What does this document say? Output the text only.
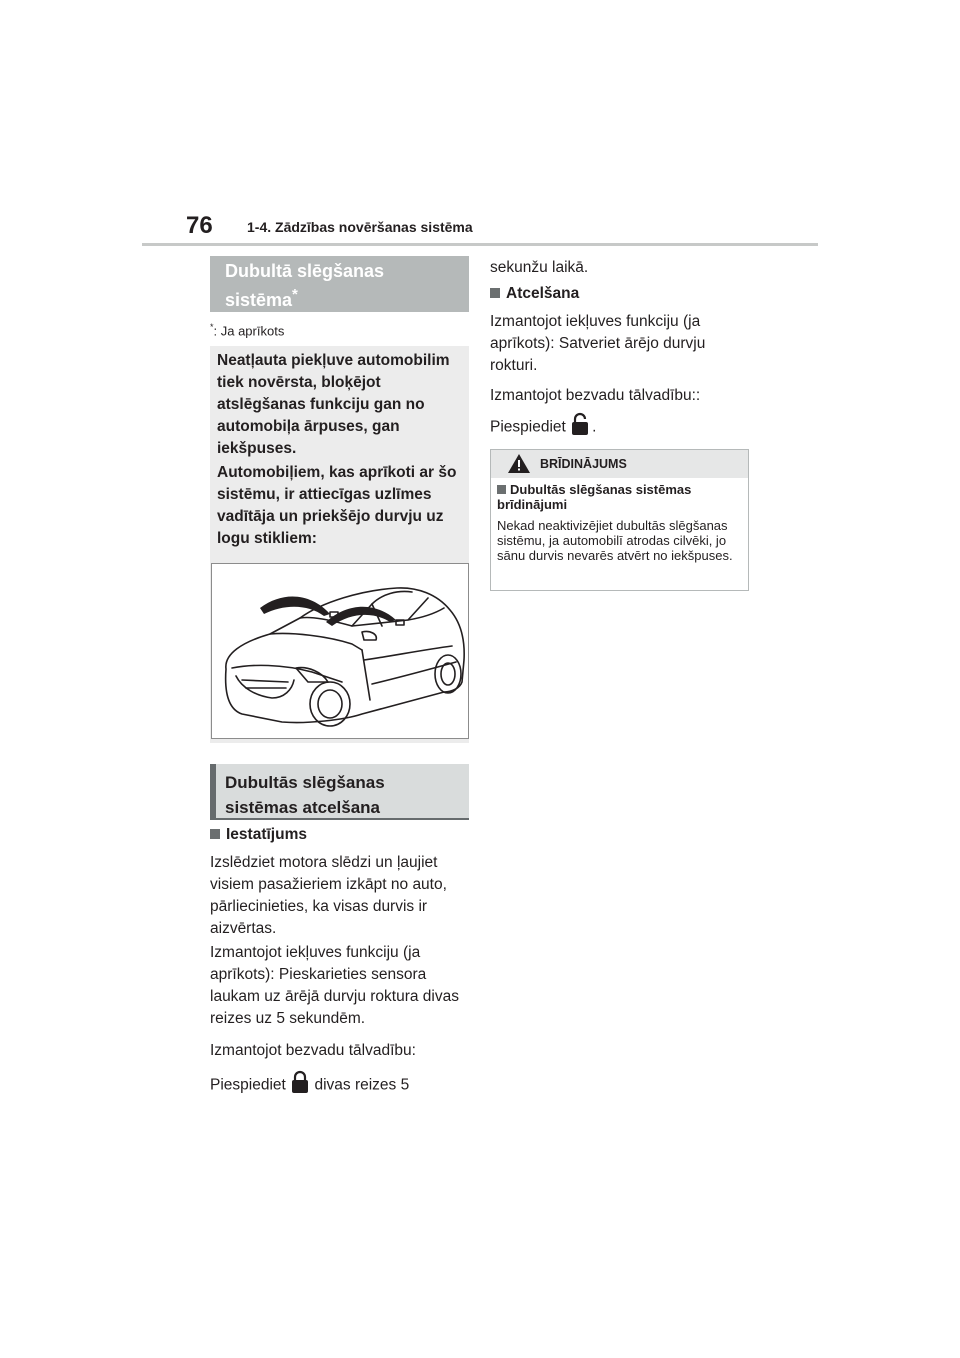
76 1-4. Zādzības novēršanas sistēma
Dubultā slēgšanas sistēma*
*: Ja aprīkots
Neatļauta piekļuve automobilim tiek novērsta, bloķējot atslēgšanas funkciju gan no automobiļa ārpuses, gan iekšpuses.
Automobiļiem, kas aprīkoti ar šo sistēmu, ir attiecīgas uzlīmes vadītāja un priekšējo durvju uz logu stikliem:
Dubultās slēgšanas sistēmas atcelšana
Iestatījums
Izslēdziet motora slēdzi un ļaujiet visiem pasažieriem izkāpt no auto, pārliecinieties, ka visas durvis ir aizvērtas.
Izmantojot iekļuves funkciju (ja aprīkots): Pieskarieties sensora laukam uz ārējā durvju roktura divas reizes uz 5 sekundēm.
Izmantojot bezvadu tālvadību:
Piespiediet divas reizes 5
sekunžu laikā.
Atcelšana
Izmantojot iekļuves funkciju (ja aprīkots): Satveriet ārējo durvju rokturi.
Izmantojot bezvadu tālvadību::
Piespiediet .
BRĪDINĀJUMS
Dubultās slēgšanas sistēmas brīdinājumi
Nekad neaktivizējiet dubultās slēgšanas sistēmu, ja automobilī atrodas cilvēki, jo sānu durvis nevarēs atvērt no iekšpuses.
